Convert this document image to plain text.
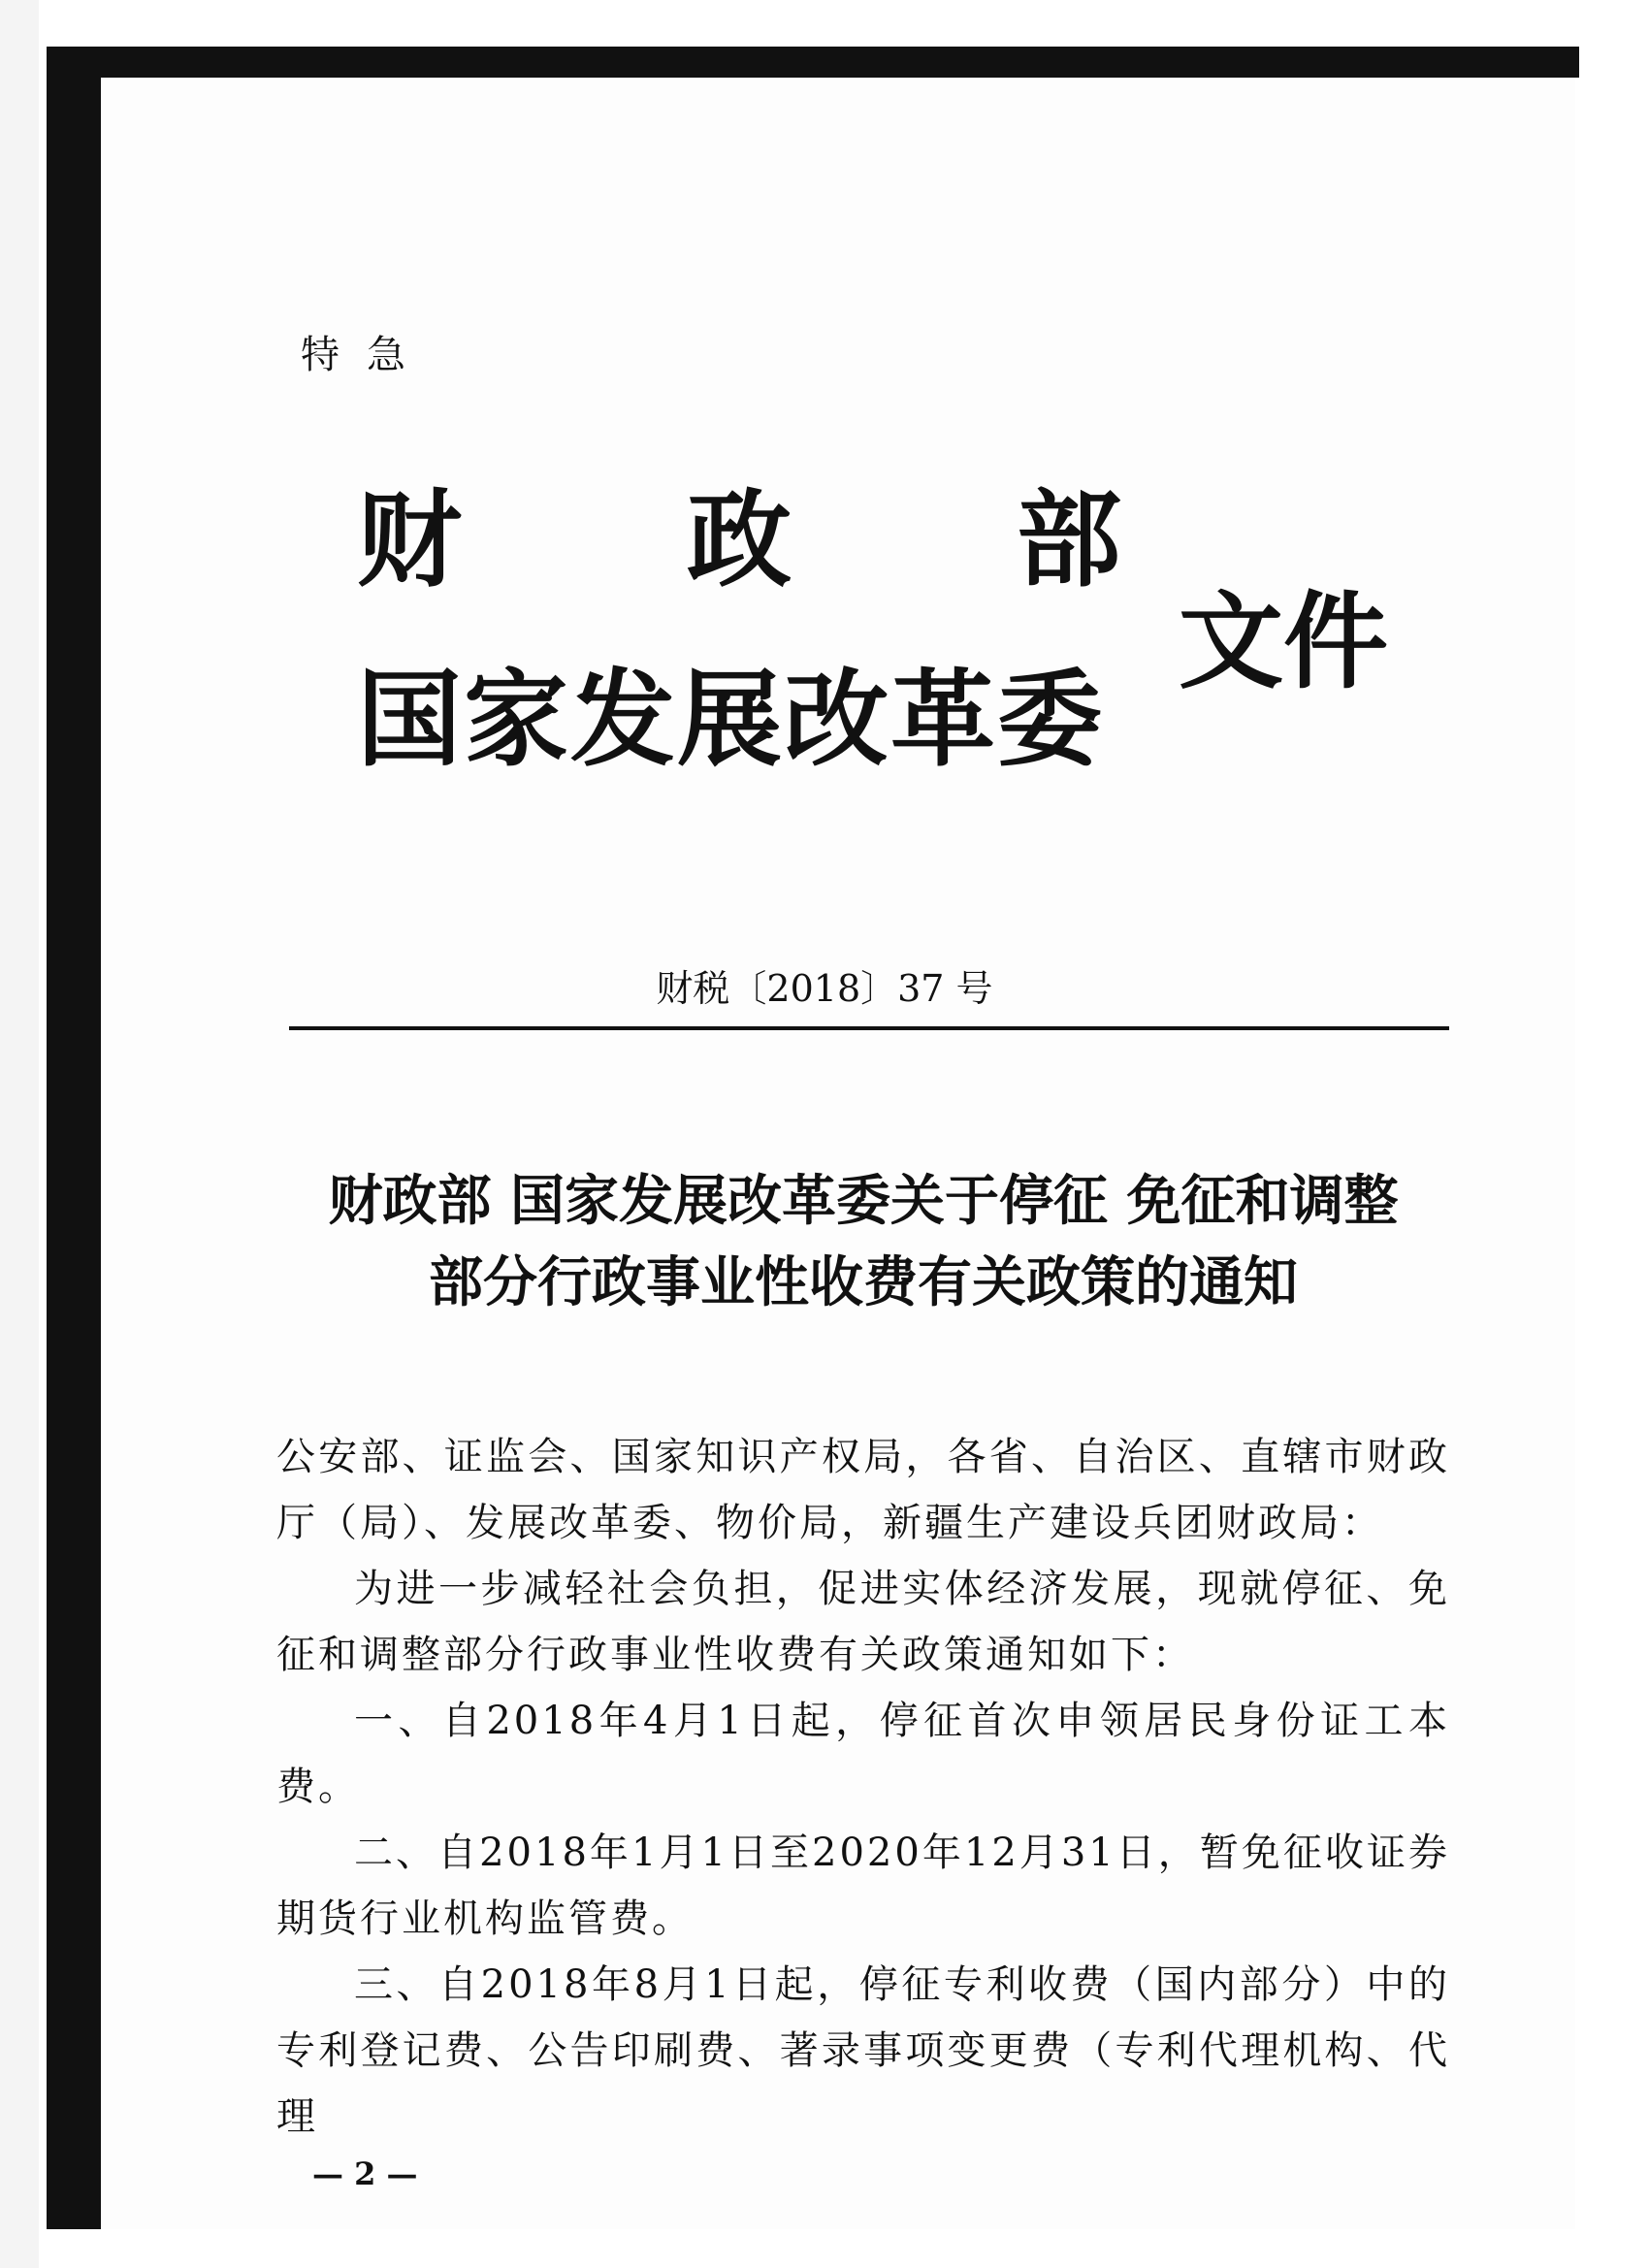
特急
财 政 部
国家发展改革委
文件
财税〔2018〕37 号
财政部 国家发展改革委关于停征 免征和调整
部分行政事业性收费有关政策的通知

公安部、证监会、国家知识产权局，各省、自治区、直辖市财政厅（局）、发展改革委、物价局，新疆生产建设兵团财政局：

为进一步减轻社会负担，促进实体经济发展，现就停征、免征和调整部分行政事业性收费有关政策通知如下：

一、自2018年4月1日起，停征首次申领居民身份证工本费。

二、自2018年1月1日至2020年12月31日，暂免征收证券期货行业机构监管费。

三、自2018年8月1日起，停征专利收费（国内部分）中的专利登记费、公告印刷费、著录事项变更费（专利代理机构、代理

— 2 —
